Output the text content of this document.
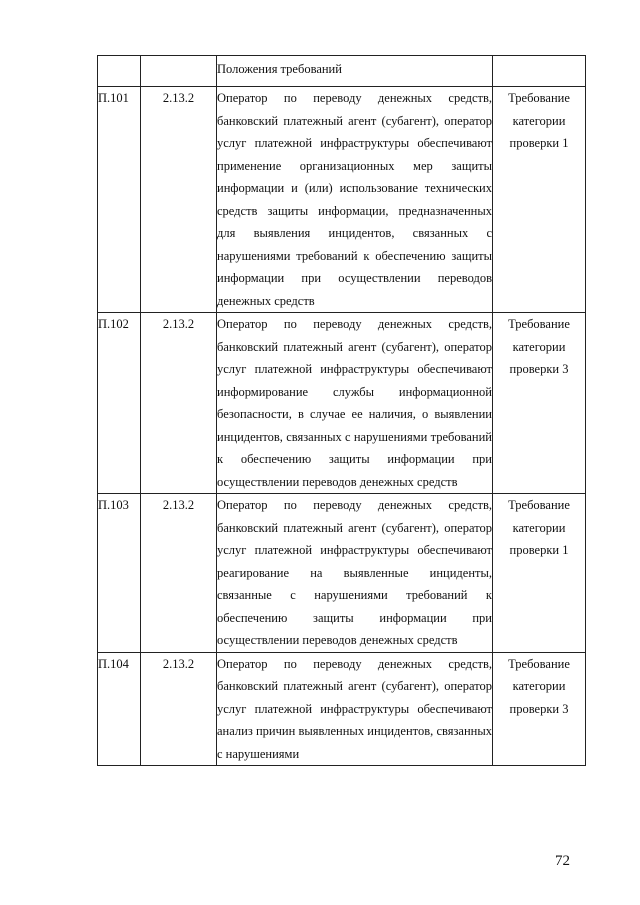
		Положения требований	
П.101	2.13.2	Оператор по переводу денежных средств, банковский платежный агент (субагент), оператор услуг платежной инфраструктуры обеспечивают применение организационных мер защиты информации и (или) использование технических средств защиты информации, предназначенных для выявления инцидентов, связанных с нарушениями требований к обеспечению защиты информации при осуществлении переводов денежных средств	Требование категории проверки 1
П.102	2.13.2	Оператор по переводу денежных средств, банковский платежный агент (субагент), оператор услуг платежной инфраструктуры обеспечивают информирование службы информационной безопасности, в случае ее наличия, о выявлении инцидентов, связанных с нарушениями требований к обеспечению защиты информации при осуществлении переводов денежных средств	Требование категории проверки 3
П.103	2.13.2	Оператор по переводу денежных средств, банковский платежный агент (субагент), оператор услуг платежной инфраструктуры обеспечивают реагирование на выявленные инциденты, связанные с нарушениями требований к обеспечению защиты информации при осуществлении переводов денежных средств	Требование категории проверки 1
П.104	2.13.2	Оператор по переводу денежных средств, банковский платежный агент (субагент), оператор услуг платежной инфраструктуры обеспечивают анализ причин выявленных инцидентов, связанных с нарушениями	Требование категории проверки 3
72
